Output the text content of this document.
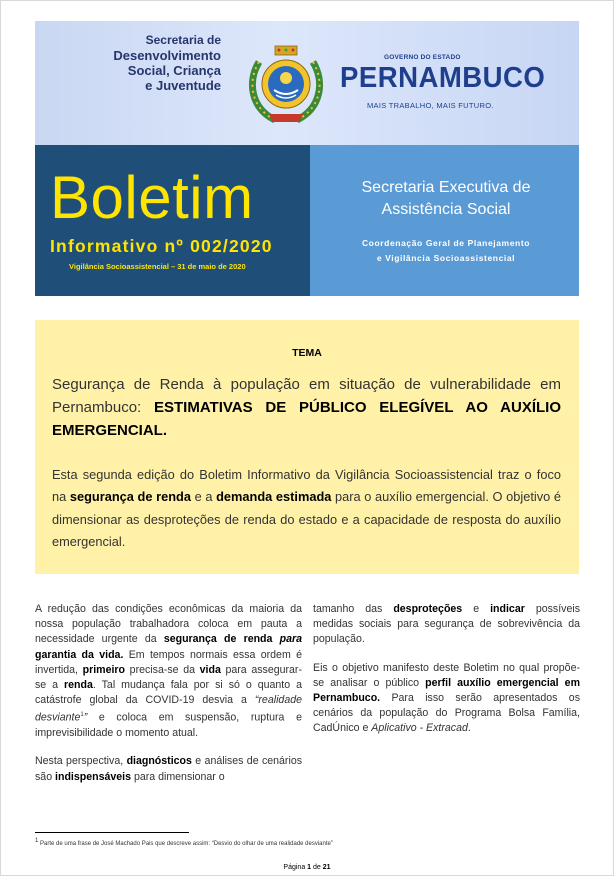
Secretaria de
Desenvolvimento
Social, Criança
e Juventude
GOVERNO DO ESTADO
PERNAMBUCO
MAIS TRABALHO, MAIS FUTURO.
Boletim
Informativo nº 002/2020
Vigilância Socioassistencial – 31 de maio de 2020
Secretaria Executiva de
Assistência Social
Coordenação Geral de Planejamento
e Vigilância Socioassistencial
TEMA
Segurança de Renda à população em situação de vulnerabilidade em Pernambuco: ESTIMATIVAS DE PÚBLICO ELEGÍVEL AO AUXÍLIO EMERGENCIAL.
Esta segunda edição do Boletim Informativo da Vigilância Socioassistencial traz o foco na segurança de renda e a demanda estimada para o auxílio emergencial. O objetivo é dimensionar as desproteções de renda do estado e a capacidade de resposta do auxílio emergencial.

A redução das condições econômicas da maioria da nossa população trabalhadora coloca em pauta a necessidade urgente da segurança de renda para garantia da vida. Em tempos normais essa ordem é invertida, primeiro precisa-se da vida para assegurar-se a renda. Tal mudança fala por si só o quanto a catástrofe global da COVID-19 desvia a “realidade desviante$^1$” e coloca em suspensão, ruptura e imprevisibilidade o momento atual.

Nesta perspectiva, diagnósticos e análises de cenários são indispensáveis para dimensionar o

tamanho das desproteções e indicar possíveis medidas sociais para segurança de sobrevivência da população.

Eis o objetivo manifesto deste Boletim no qual propõe-se analisar o público perfil auxílio emergencial em Pernambuco. Para isso serão apresentados os cenários da população do Programa Bolsa Família, CadÚnico e Aplicativo - Extracad.

$^1$ Parte de uma frase de José Machado Pais que descreve assim: “Desvio do olhar de uma realidade desviante”
Página 1 de 21
